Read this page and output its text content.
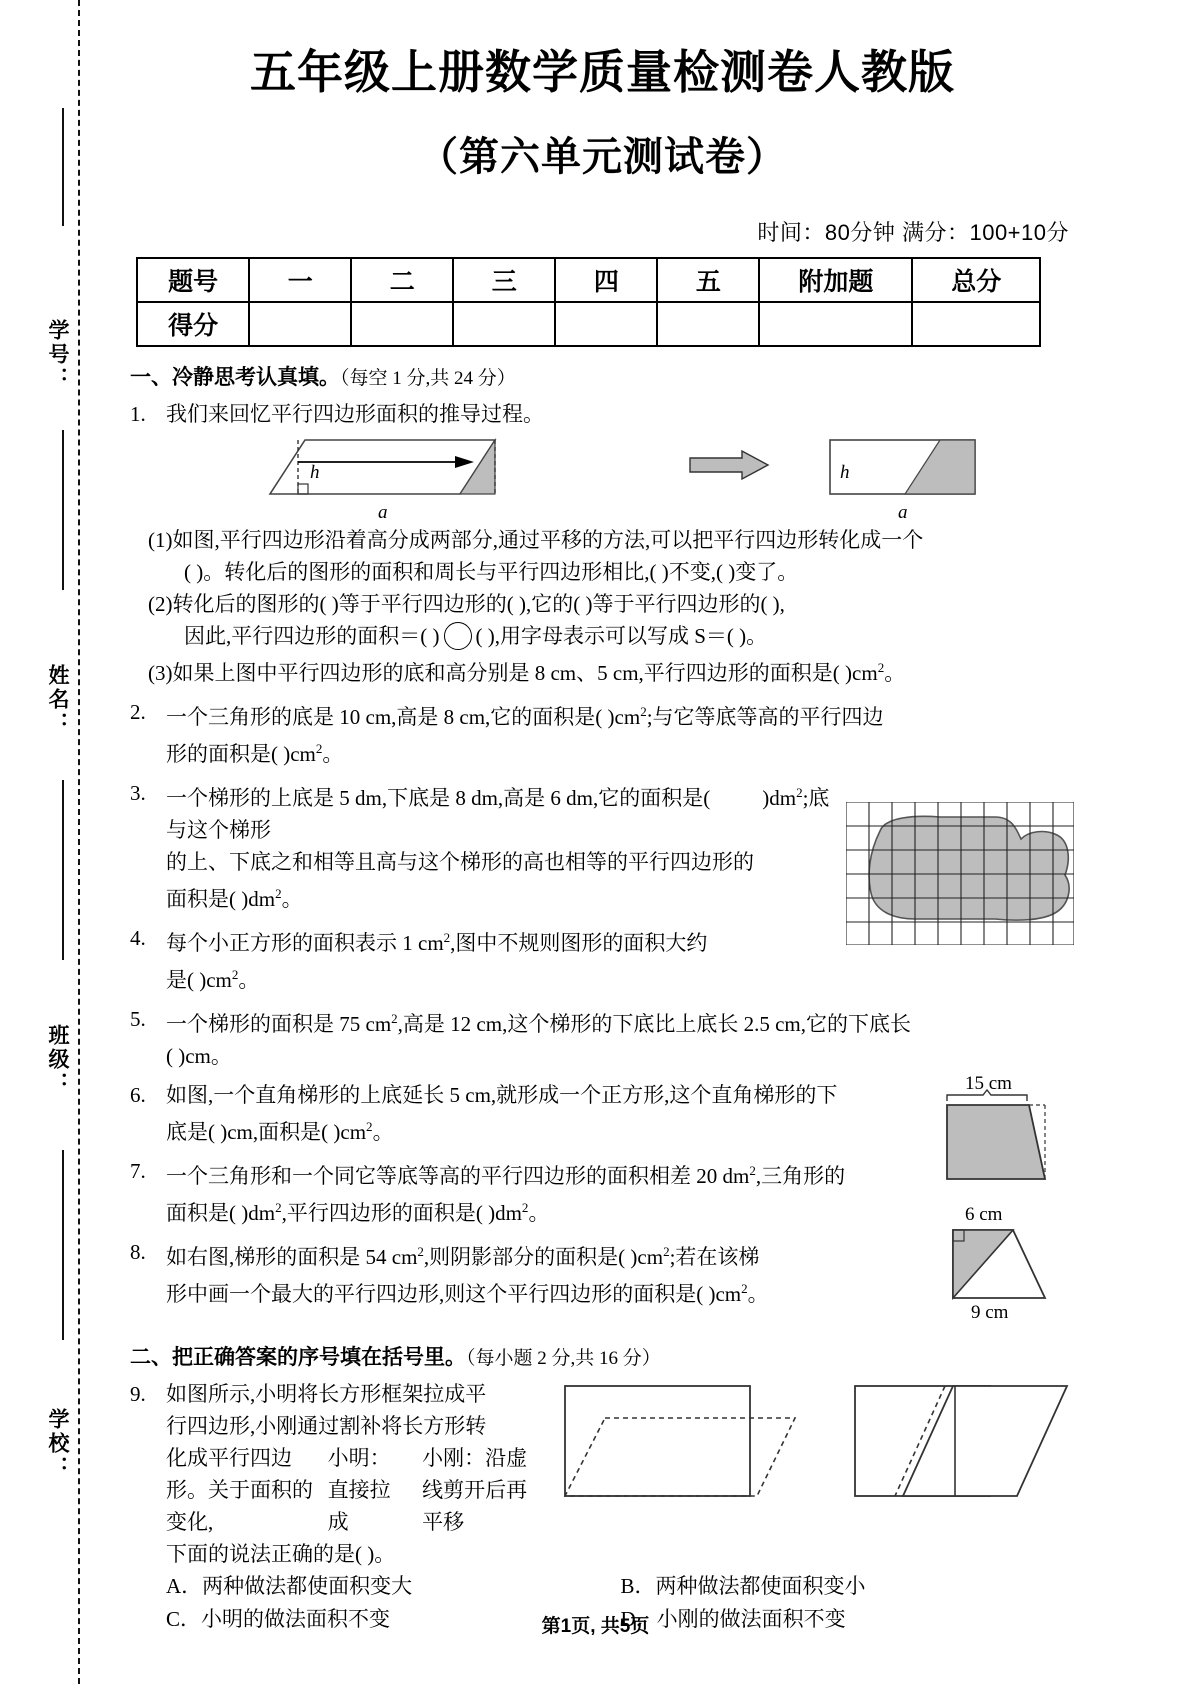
学号：
姓名：
班级：
学校：
五年级上册数学质量检测卷人教版
（第六单元测试卷）
时间：80分钟 满分：100+10分
题号	一	二	三	四	五	附加题	总分
得分							
一、冷静思考认真填。（每空 1 分,共 24 分）
1. 我们来回忆平行四边形面积的推导过程。
h
a
h
a
(1)如图,平行四边形沿着高分成两部分,通过平移的方法,可以把平行四边形转化成一个
( )。转化后的图形的面积和周长与平行四边形相比,( )不变,( )变了。
(2)转化后的图形的( )等于平行四边形的( ),它的( )等于平行四边形的( ),
因此,平行四边形的面积＝( ) ( ),用字母表示可以写成 S＝( )。
(3)如果上图中平行四边形的底和高分别是 8 cm、5 cm,平行四边形的面积是( )$cm^2$。
2. 一个三角形的底是 10 cm,高是 8 cm,它的面积是( )$cm^2$;与它等底等高的平行四边
形的面积是( )$cm^2$。
3. 一个梯形的上底是 5 dm,下底是 8 dm,高是 6 dm,它的面积是( )$dm^2$;底与这个梯形
的上、下底之和相等且高与这个梯形的高也相等的平行四边形的
面积是( )$dm^2$。
4. 每个小正方形的面积表示 1 $cm^2$,图中不规则图形的面积大约
是( )$cm^2$。
5. 一个梯形的面积是 75 $cm^2$,高是 12 cm,这个梯形的下底比上底长 2.5 cm,它的下底长
( )cm。
15 cm
6. 如图,一个直角梯形的上底延长 5 cm,就形成一个正方形,这个直角梯形的下
底是( )cm,面积是( )$cm^2$。
7. 一个三角形和一个同它等底等高的平行四边形的面积相差 20 $dm^2$,三角形的
面积是( )$dm^2$,平行四边形的面积是( )$dm^2$。	6 cm
9 cm
8. 如右图,梯形的面积是 54 $cm^2$,则阴影部分的面积是( )$cm^2$;若在该梯
形中画一个最大的平行四边形,则这个平行四边形的面积是( )$cm^2$。
二、把正确答案的序号填在括号里。（每小题 2 分,共 16 分）
9. 如图所示,小明将长方形框架拉成平
行四边形,小刚通过割补将长方形转
化成平行四边形。关于面积的变化,
小明：直接拉成
小刚：沿虚线剪开后再平移
下面的说法正确的是( )。
A．两种做法都使面积变大	B．两种做法都使面积变小
C．小明的做法面积不变	D．小刚的做法面积不变
第1页, 共5页
